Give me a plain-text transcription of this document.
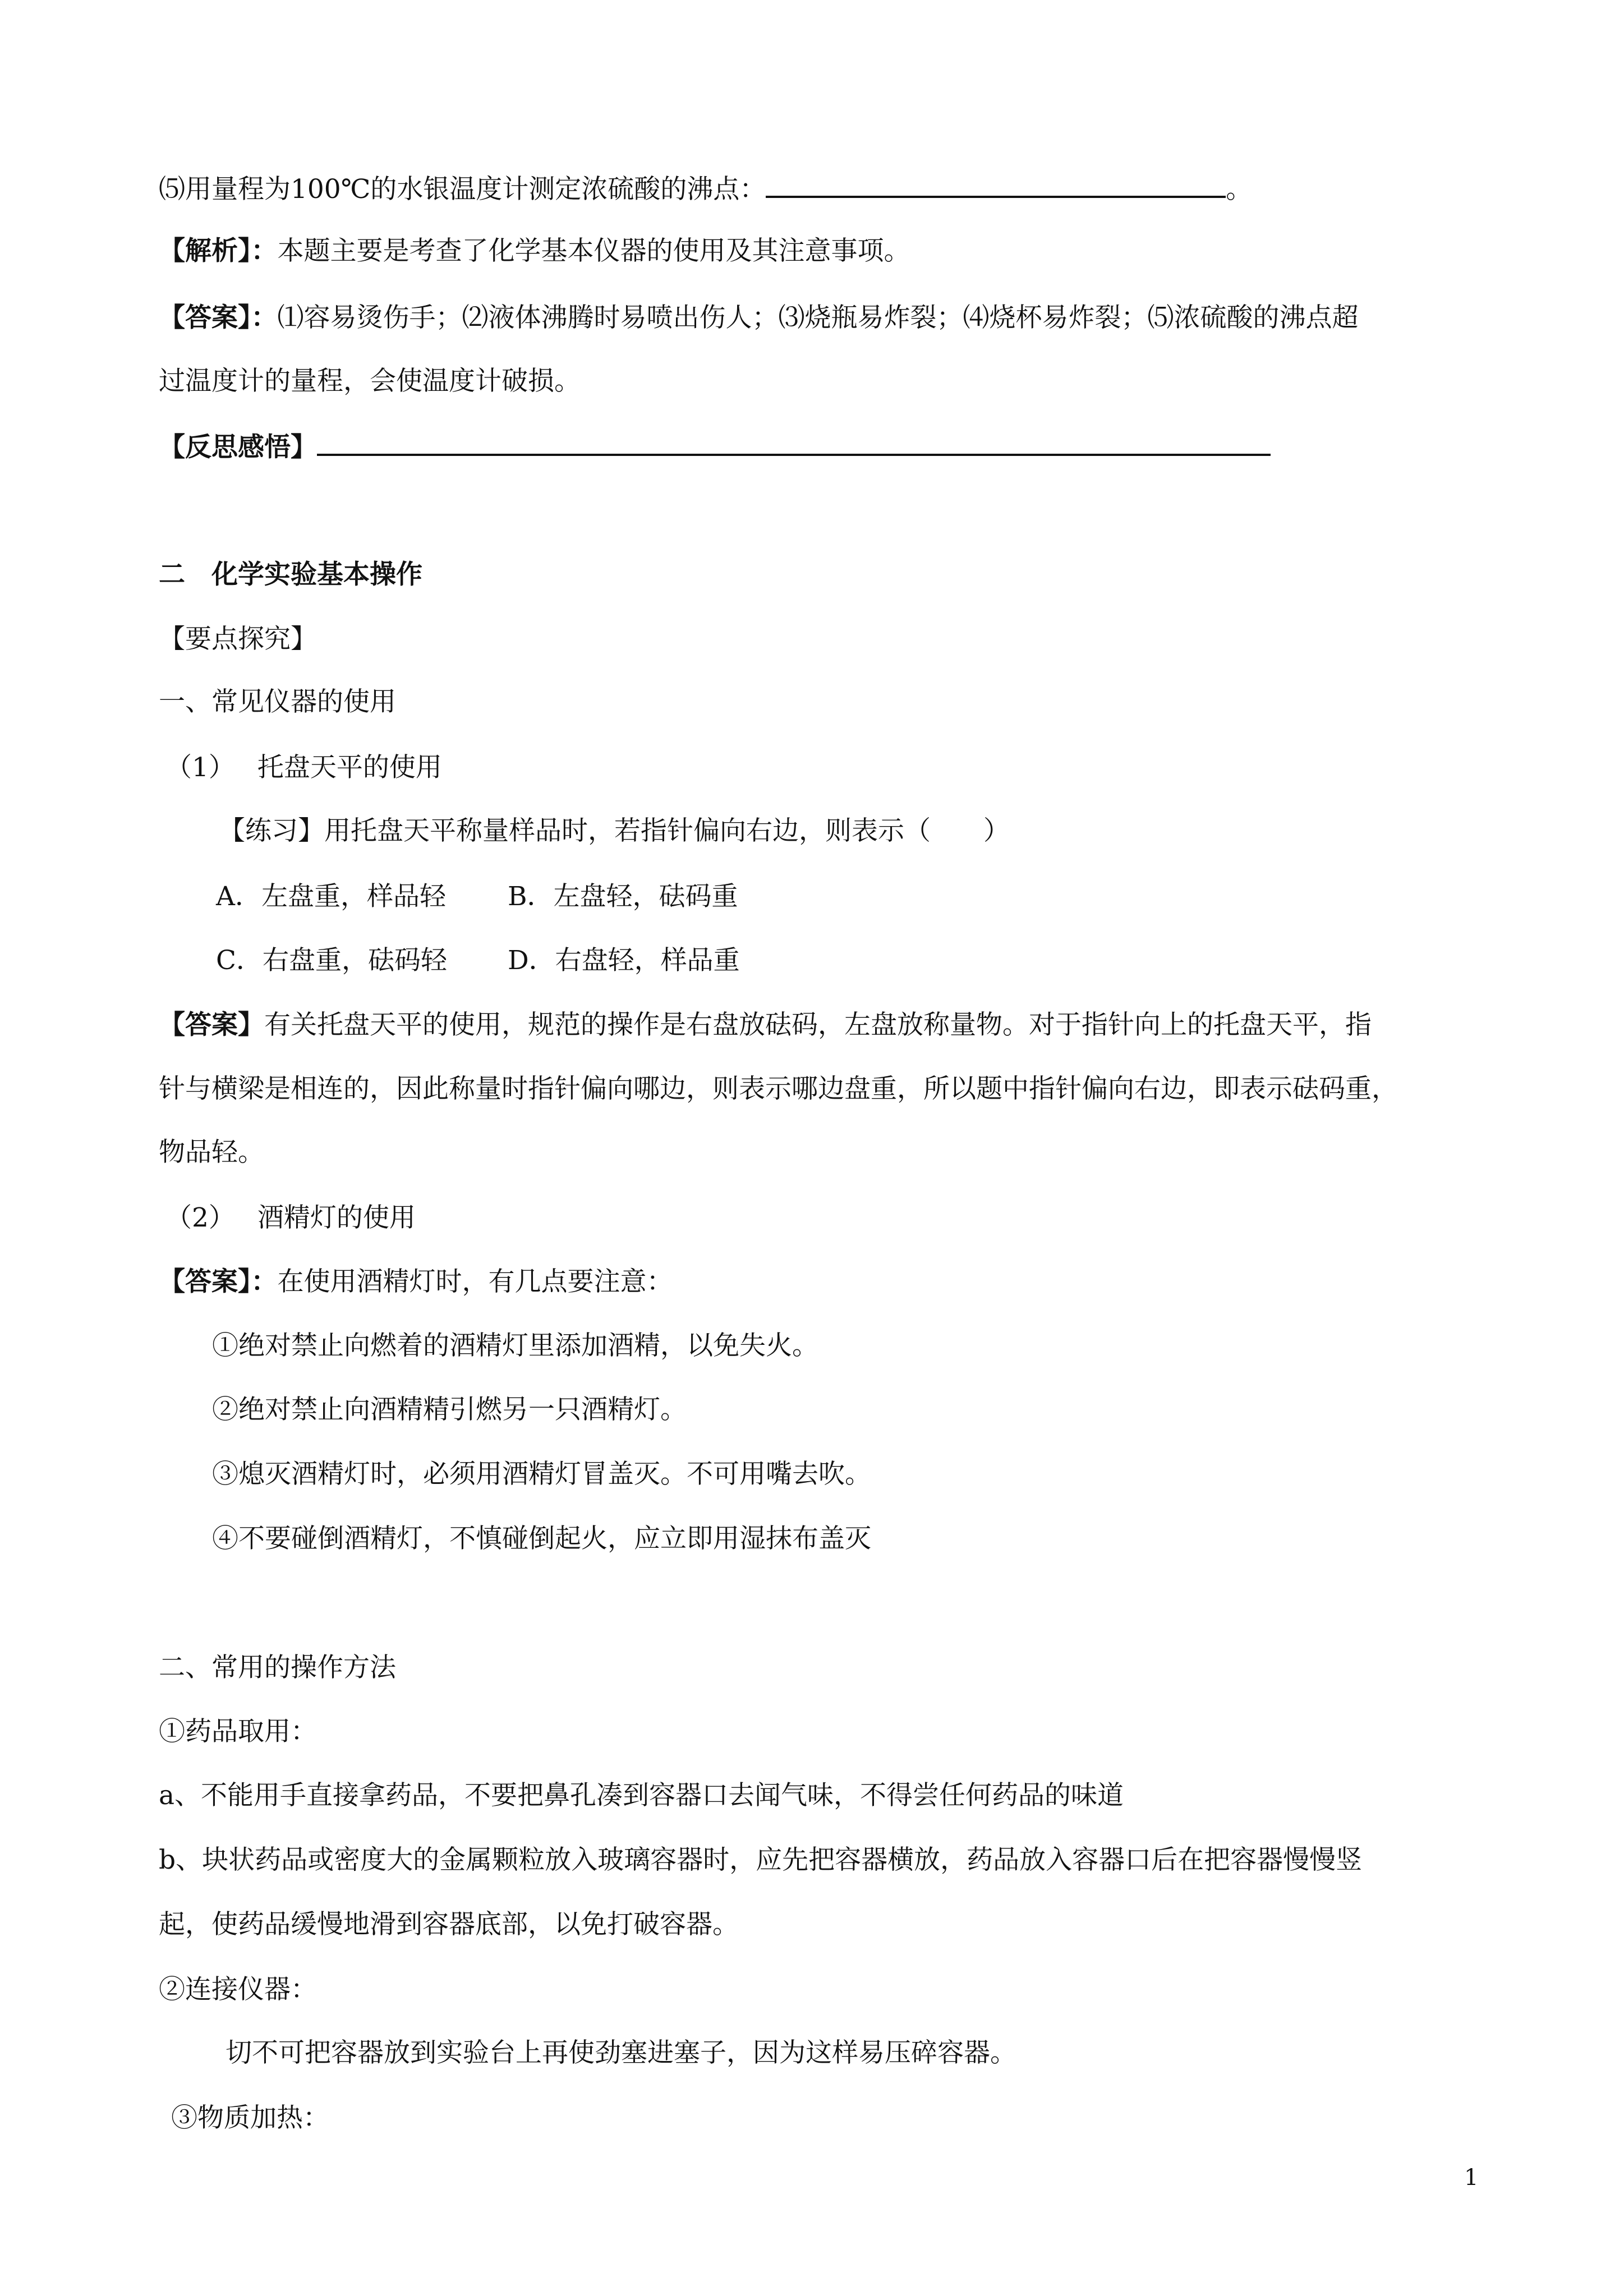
⑸用量程为100℃的水银温度计测定浓硫酸的沸点：	。
【解析】：本题主要是考查了化学基本仪器的使用及其注意事项。
【答案】：⑴容易烫伤手；⑵液体沸腾时易喷出伤人；⑶烧瓶易炸裂；⑷烧杯易炸裂；⑸浓硫酸的沸点超
过温度计的量程，会使温度计破损。
【反思感悟】
二　化学实验基本操作
【要点探究】
一、常见仪器的使用
（1） 托盘天平的使用
【练习】用托盘天平称量样品时，若指针偏向右边，则表示（　　）
A．左盘重，样品轻 B．左盘轻，砝码重
C．右盘重，砝码轻 D．右盘轻，样品重
【答案】有关托盘天平的使用，规范的操作是右盘放砝码，左盘放称量物。对于指针向上的托盘天平，指
针与横梁是相连的，因此称量时指针偏向哪边，则表示哪边盘重，所以题中指针偏向右边，即表示砝码重，
物品轻。
（2） 酒精灯的使用
【答案】：在使用酒精灯时，有几点要注意：
①绝对禁止向燃着的酒精灯里添加酒精，以免失火。
②绝对禁止向酒精精引燃另一只酒精灯。
③熄灭酒精灯时，必须用酒精灯冒盖灭。不可用嘴去吹。
④不要碰倒酒精灯，不慎碰倒起火，应立即用湿抹布盖灭
二、常用的操作方法
①药品取用：
a、不能用手直接拿药品，不要把鼻孔凑到容器口去闻气味，不得尝任何药品的味道
b、块状药品或密度大的金属颗粒放入玻璃容器时，应先把容器横放，药品放入容器口后在把容器慢慢竖
起，使药品缓慢地滑到容器底部，以免打破容器。
②连接仪器：
切不可把容器放到实验台上再使劲塞进塞子，因为这样易压碎容器。
③物质加热：
1
